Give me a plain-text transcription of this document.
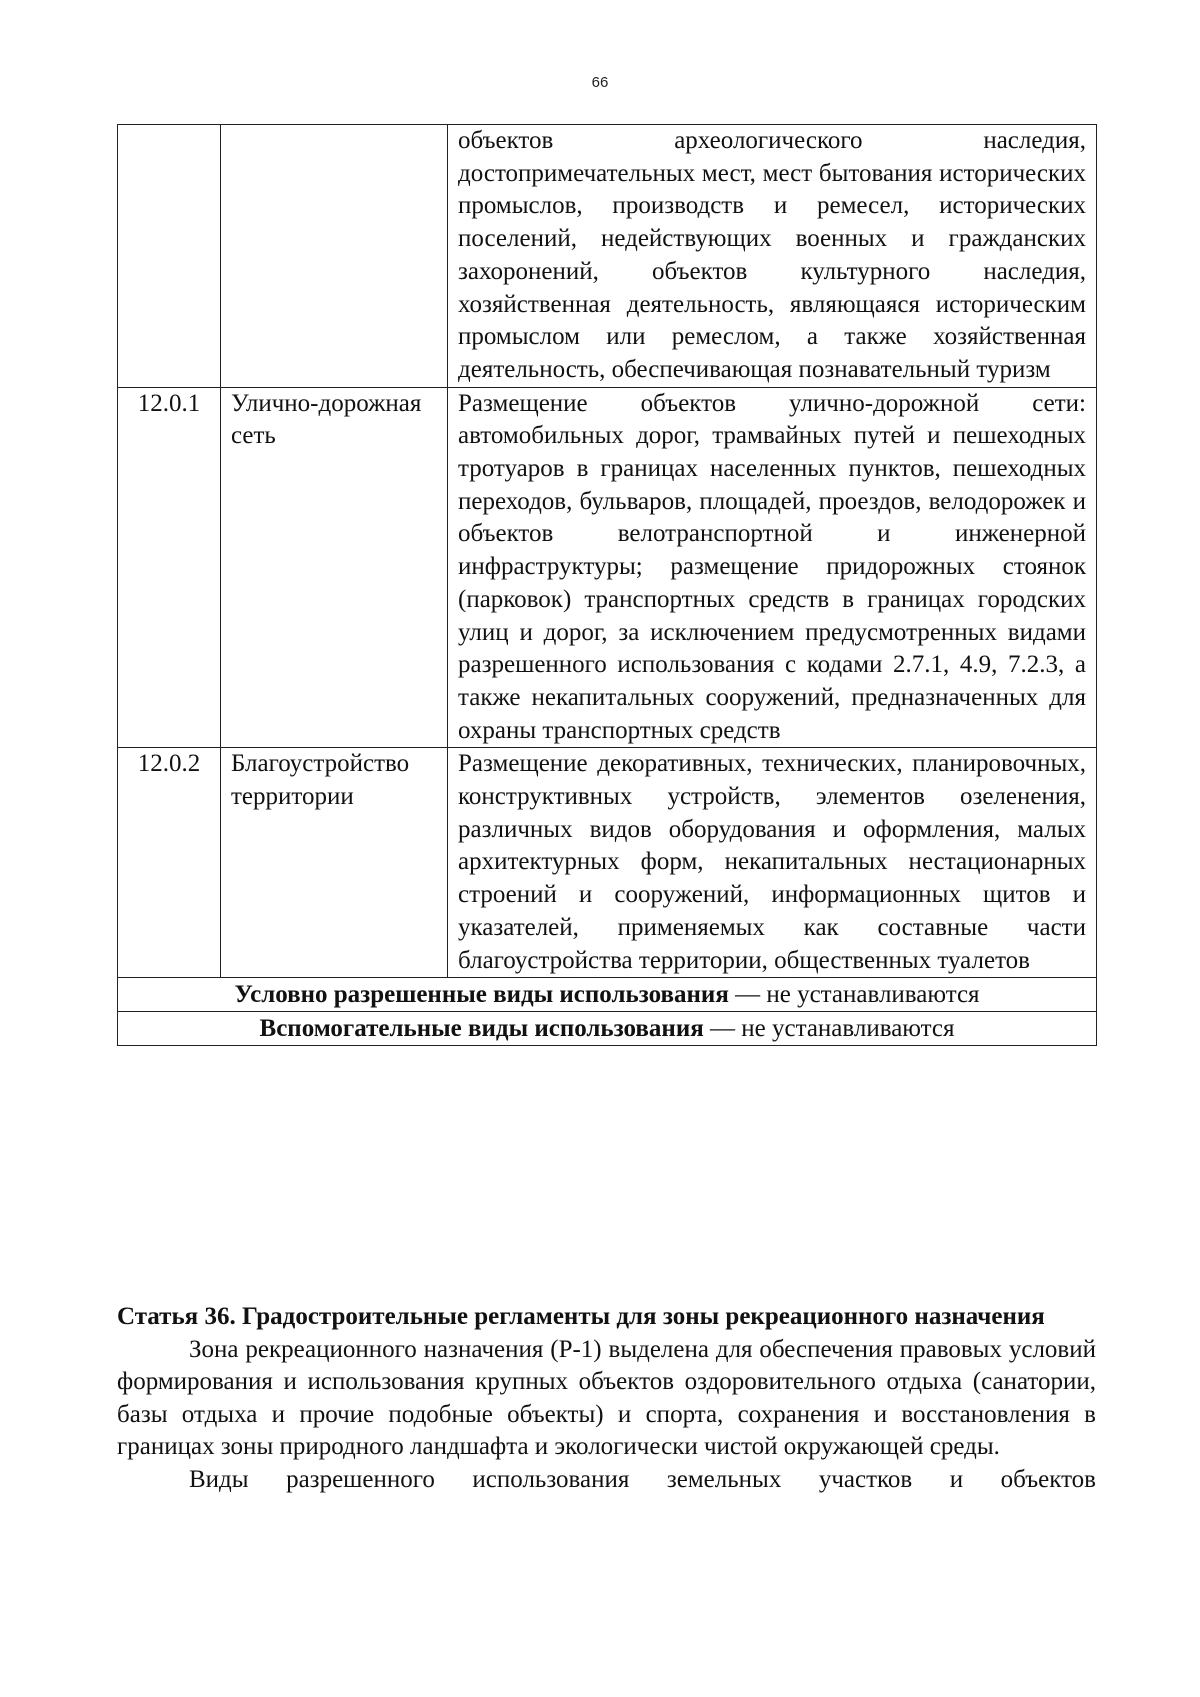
66
		объектов археологического наследия, достопримечательных мест, мест бытования исторических промыслов, производств и ремесел, исторических поселений, недействующих военных и гражданских захоронений, объектов культурного наследия, хозяйственная деятельность, являющаяся историческим промыслом или ремеслом, а также хозяйственная деятельность, обеспечивающая познавательный туризм
12.0.1	Улично-дорожная сеть	Размещение объектов улично-дорожной сети: автомобильных дорог, трамвайных путей и пешеходных тротуаров в границах населенных пунктов, пешеходных переходов, бульваров, площадей, проездов, велодорожек и объектов велотранспортной и инженерной инфраструктуры; размещение придорожных стоянок (парковок) транспортных средств в границах городских улиц и дорог, за исключением предусмотренных видами разрешенного использования с кодами 2.7.1, 4.9, 7.2.3, а также некапитальных сооружений, предназначенных для охраны транспортных средств
12.0.2	Благоустройство территории	Размещение декоративных, технических, планировочных, конструктивных устройств, элементов озеленения, различных видов оборудования и оформления, малых архитектурных форм, некапитальных нестационарных строений и сооружений, информационных щитов и указателей, применяемых как составные части благоустройства территории, общественных туалетов
Условно разрешенные виды использования — не устанавливаются		
Вспомогательные виды использования — не устанавливаются		
Статья 36. Градостроительные регламенты для зоны рекреационного назначения

Зона рекреационного назначения (Р-1) выделена для обеспечения правовых условий формирования и использования крупных объектов оздоровительного отдыха (санатории, базы отдыха и прочие подобные объекты) и спорта, сохранения и восстановления в границах зоны природного ландшафта и экологически чистой окружающей среды.

Виды разрешенного использования земельных участков и объектов
